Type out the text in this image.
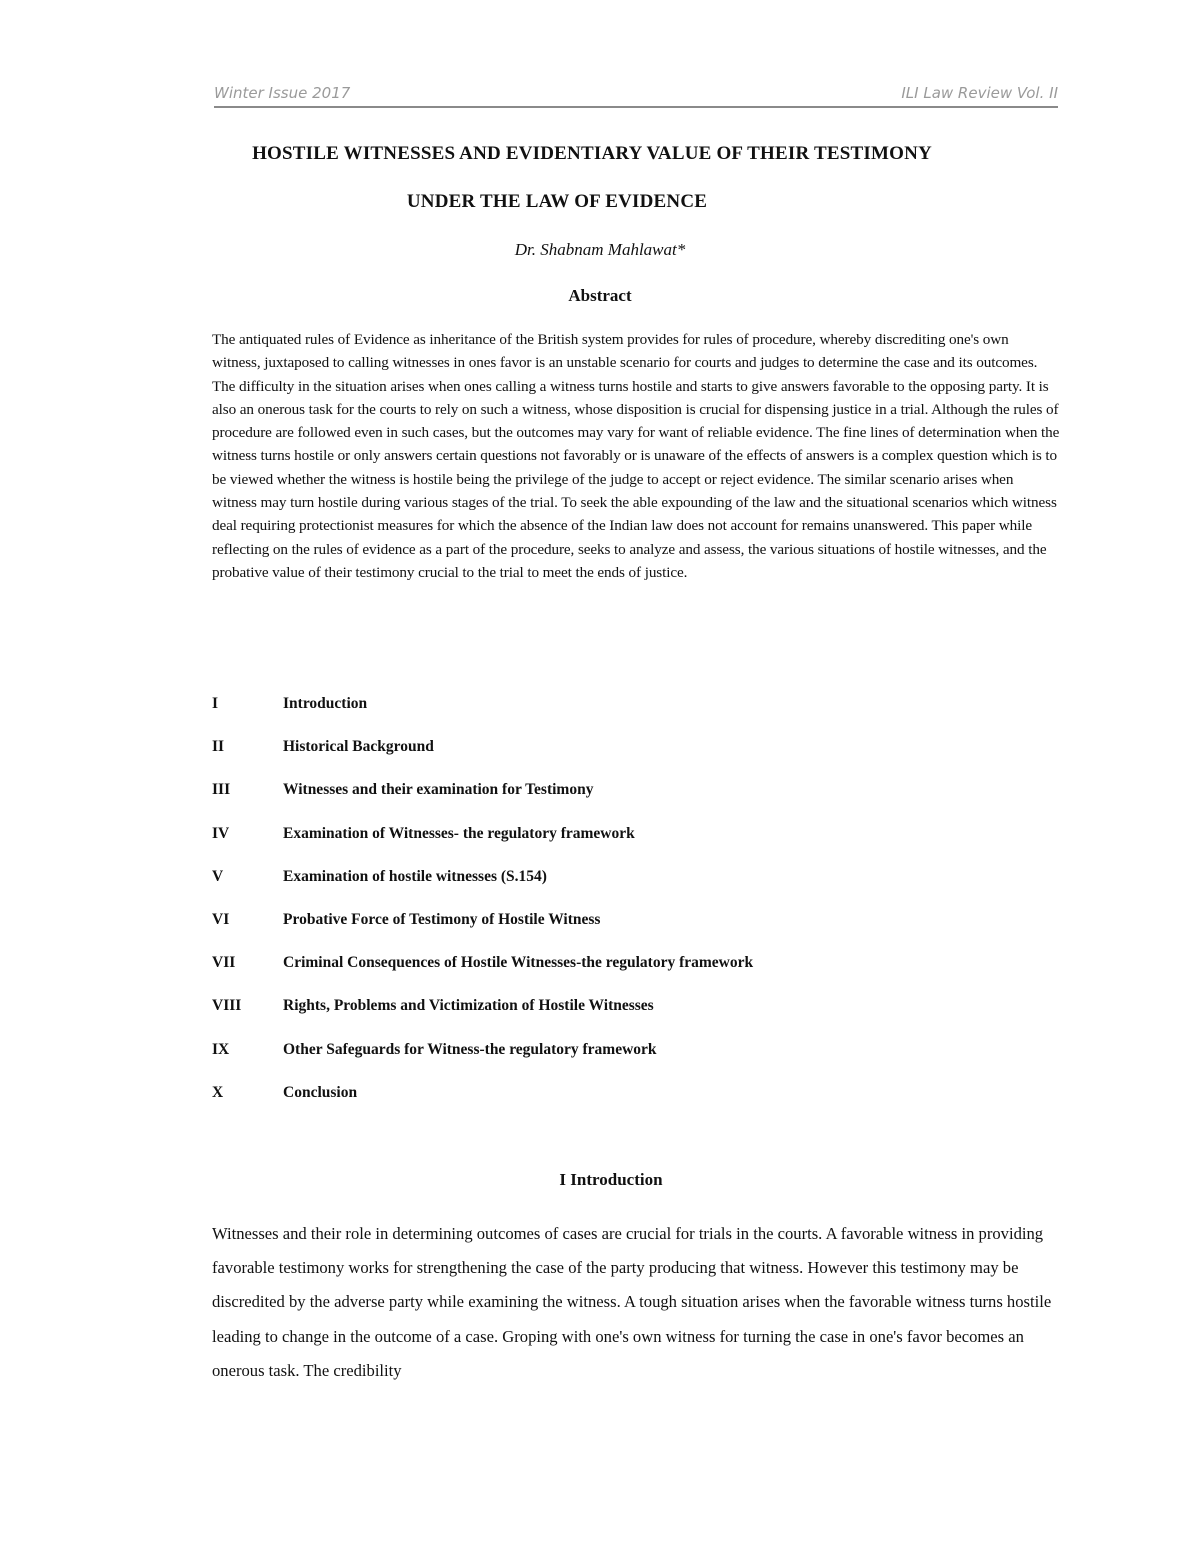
Winter Issue 2017	ILI Law Review Vol. II
HOSTILE WITNESSES AND EVIDENTIARY VALUE OF THEIR TESTIMONY
UNDER THE LAW OF EVIDENCE
Dr. Shabnam Mahlawat*
Abstract

The antiquated rules of Evidence as inheritance of the British system provides for rules of procedure, whereby discrediting one's own witness, juxtaposed to calling witnesses in ones favor is an unstable scenario for courts and judges to determine the case and its outcomes. The difficulty in the situation arises when ones calling a witness turns hostile and starts to give answers favorable to the opposing party. It is also an onerous task for the courts to rely on such a witness, whose disposition is crucial for dispensing justice in a trial. Although the rules of procedure are followed even in such cases, but the outcomes may vary for want of reliable evidence. The fine lines of determination when the witness turns hostile or only answers certain questions not favorably or is unaware of the effects of answers is a complex question which is to be viewed whether the witness is hostile being the privilege of the judge to accept or reject evidence. The similar scenario arises when witness may turn hostile during various stages of the trial. To seek the able expounding of the law and the situational scenarios which witness deal requiring protectionist measures for which the absence of the Indian law does not account for remains unanswered. This paper while reflecting on the rules of evidence as a part of the procedure, seeks to analyze and assess, the various situations of hostile witnesses, and the probative value of their testimony crucial to the trial to meet the ends of justice.

I	Introduction
II	Historical Background
III	Witnesses and their examination for Testimony
IV	Examination of Witnesses- the regulatory framework
V	Examination of hostile witnesses (S.154)
VI	Probative Force of Testimony of Hostile Witness
VII	Criminal Consequences of Hostile Witnesses-the regulatory framework
VIII	Rights, Problems and Victimization of Hostile Witnesses
IX	Other Safeguards for Witness-the regulatory framework
X	Conclusion
I Introduction

Witnesses and their role in determining outcomes of cases are crucial for trials in the courts. A favorable witness in providing favorable testimony works for strengthening the case of the party producing that witness. However this testimony may be discredited by the adverse party while examining the witness. A tough situation arises when the favorable witness turns hostile leading to change in the outcome of a case. Groping with one's own witness for turning the case in one's favor becomes an onerous task. The credibility
